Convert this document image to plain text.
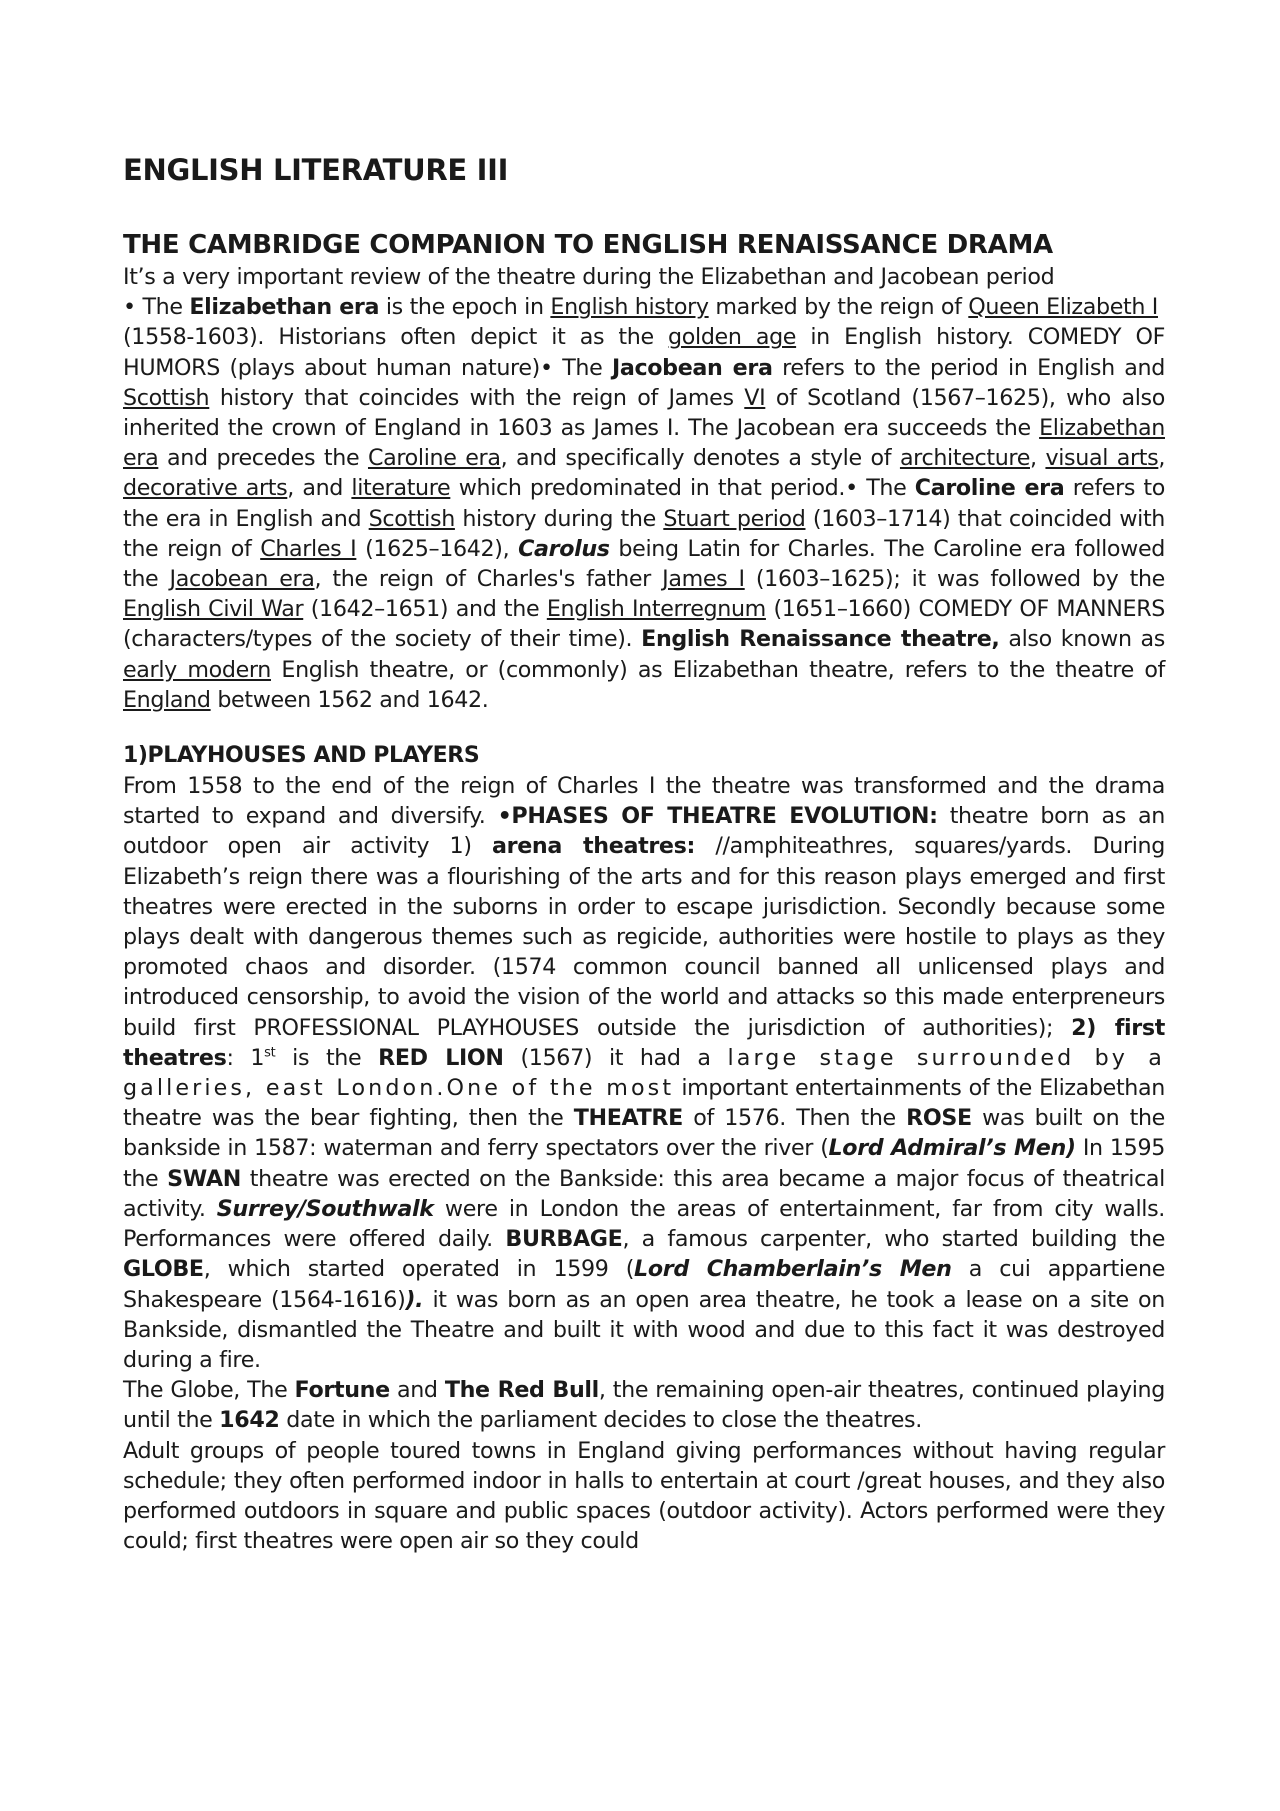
ENGLISH LITERATURE III
THE CAMBRIDGE COMPANION TO ENGLISH RENAISSANCE DRAMA

It’s a very important review of the theatre during the Elizabethan and Jacobean period

• The Elizabethan era is the epoch in English history marked by the reign of Queen Elizabeth I
(1558-1603). Historians often depict it as the golden age in English history. COMEDY OF HUMORS (plays about human nature)• The Jacobean era refers to the period in English and Scottish history that coincides with the reign of James VI of Scotland (1567–1625), who also inherited the crown of England in 1603 as James I. The Jacobean era succeeds the Elizabethan era and precedes the Caroline era, and specifically denotes a style of architecture, visual arts, decorative arts, and literature which predominated in that period.• The Caroline era refers to the era in English and Scottish history during the Stuart period (1603–1714) that coincided with the reign of Charles I (1625–1642), Carolus being Latin for Charles. The Caroline era followed the Jacobean era, the reign of Charles's father James I (1603–1625); it was followed by the English Civil War (1642–1651) and the English Interregnum (1651–1660) COMEDY OF MANNERS (characters/types of the society of their time). English Renaissance theatre, also known as early modern English theatre, or (commonly) as Elizabethan theatre, refers to the theatre of England between 1562 and 1642.

1)PLAYHOUSES AND PLAYERS

From 1558 to the end of the reign of Charles I the theatre was transformed and the drama started to expand and diversify. •PHASES OF THEATRE EVOLUTION: theatre born as an outdoor open air activity 1) arena theatres: //amphiteathres, squares/yards. During Elizabeth’s reign there was a flourishing of the arts and for this reason plays emerged and first theatres were erected in the suborns in order to escape jurisdiction. Secondly because some plays dealt with dangerous themes such as regicide, authorities were hostile to plays as they promoted chaos and disorder. (1574 common council banned all unlicensed plays and introduced censorship, to avoid the vision of the world and attacks so this made enterpreneurs build first PROFESSIONAL PLAYHOUSES outside the jurisdiction of authorities); 2) first theatres: 1st is the RED LION (1567) it had a large stage surrounded by a galleries, east London.One of the most important entertainments of the Elizabethan theatre was the bear fighting, then the THEATRE of 1576. Then the ROSE was built on the bankside in 1587: waterman and ferry spectators over the river (Lord Admiral’s Men) In 1595 the SWAN theatre was erected on the Bankside: this area became a major focus of theatrical activity. Surrey/Southwalk were in London the areas of entertainment, far from city walls. Performances were offered daily. BURBAGE, a famous carpenter, who started building the GLOBE, which started operated in 1599 (Lord Chamberlain’s Men a cui appartiene Shakespeare (1564-1616)). it was born as an open area theatre, he took a lease on a site on Bankside, dismantled the Theatre and built it with wood and due to this fact it was destroyed during a fire.

The Globe, The Fortune and The Red Bull, the remaining open-air theatres, continued playing until the 1642 date in which the parliament decides to close the theatres.

Adult groups of people toured towns in England giving performances without having regular schedule; they often performed indoor in halls to entertain at court /great houses, and they also performed outdoors in square and public spaces (outdoor activity). Actors performed were they could; first theatres were open air so they could
